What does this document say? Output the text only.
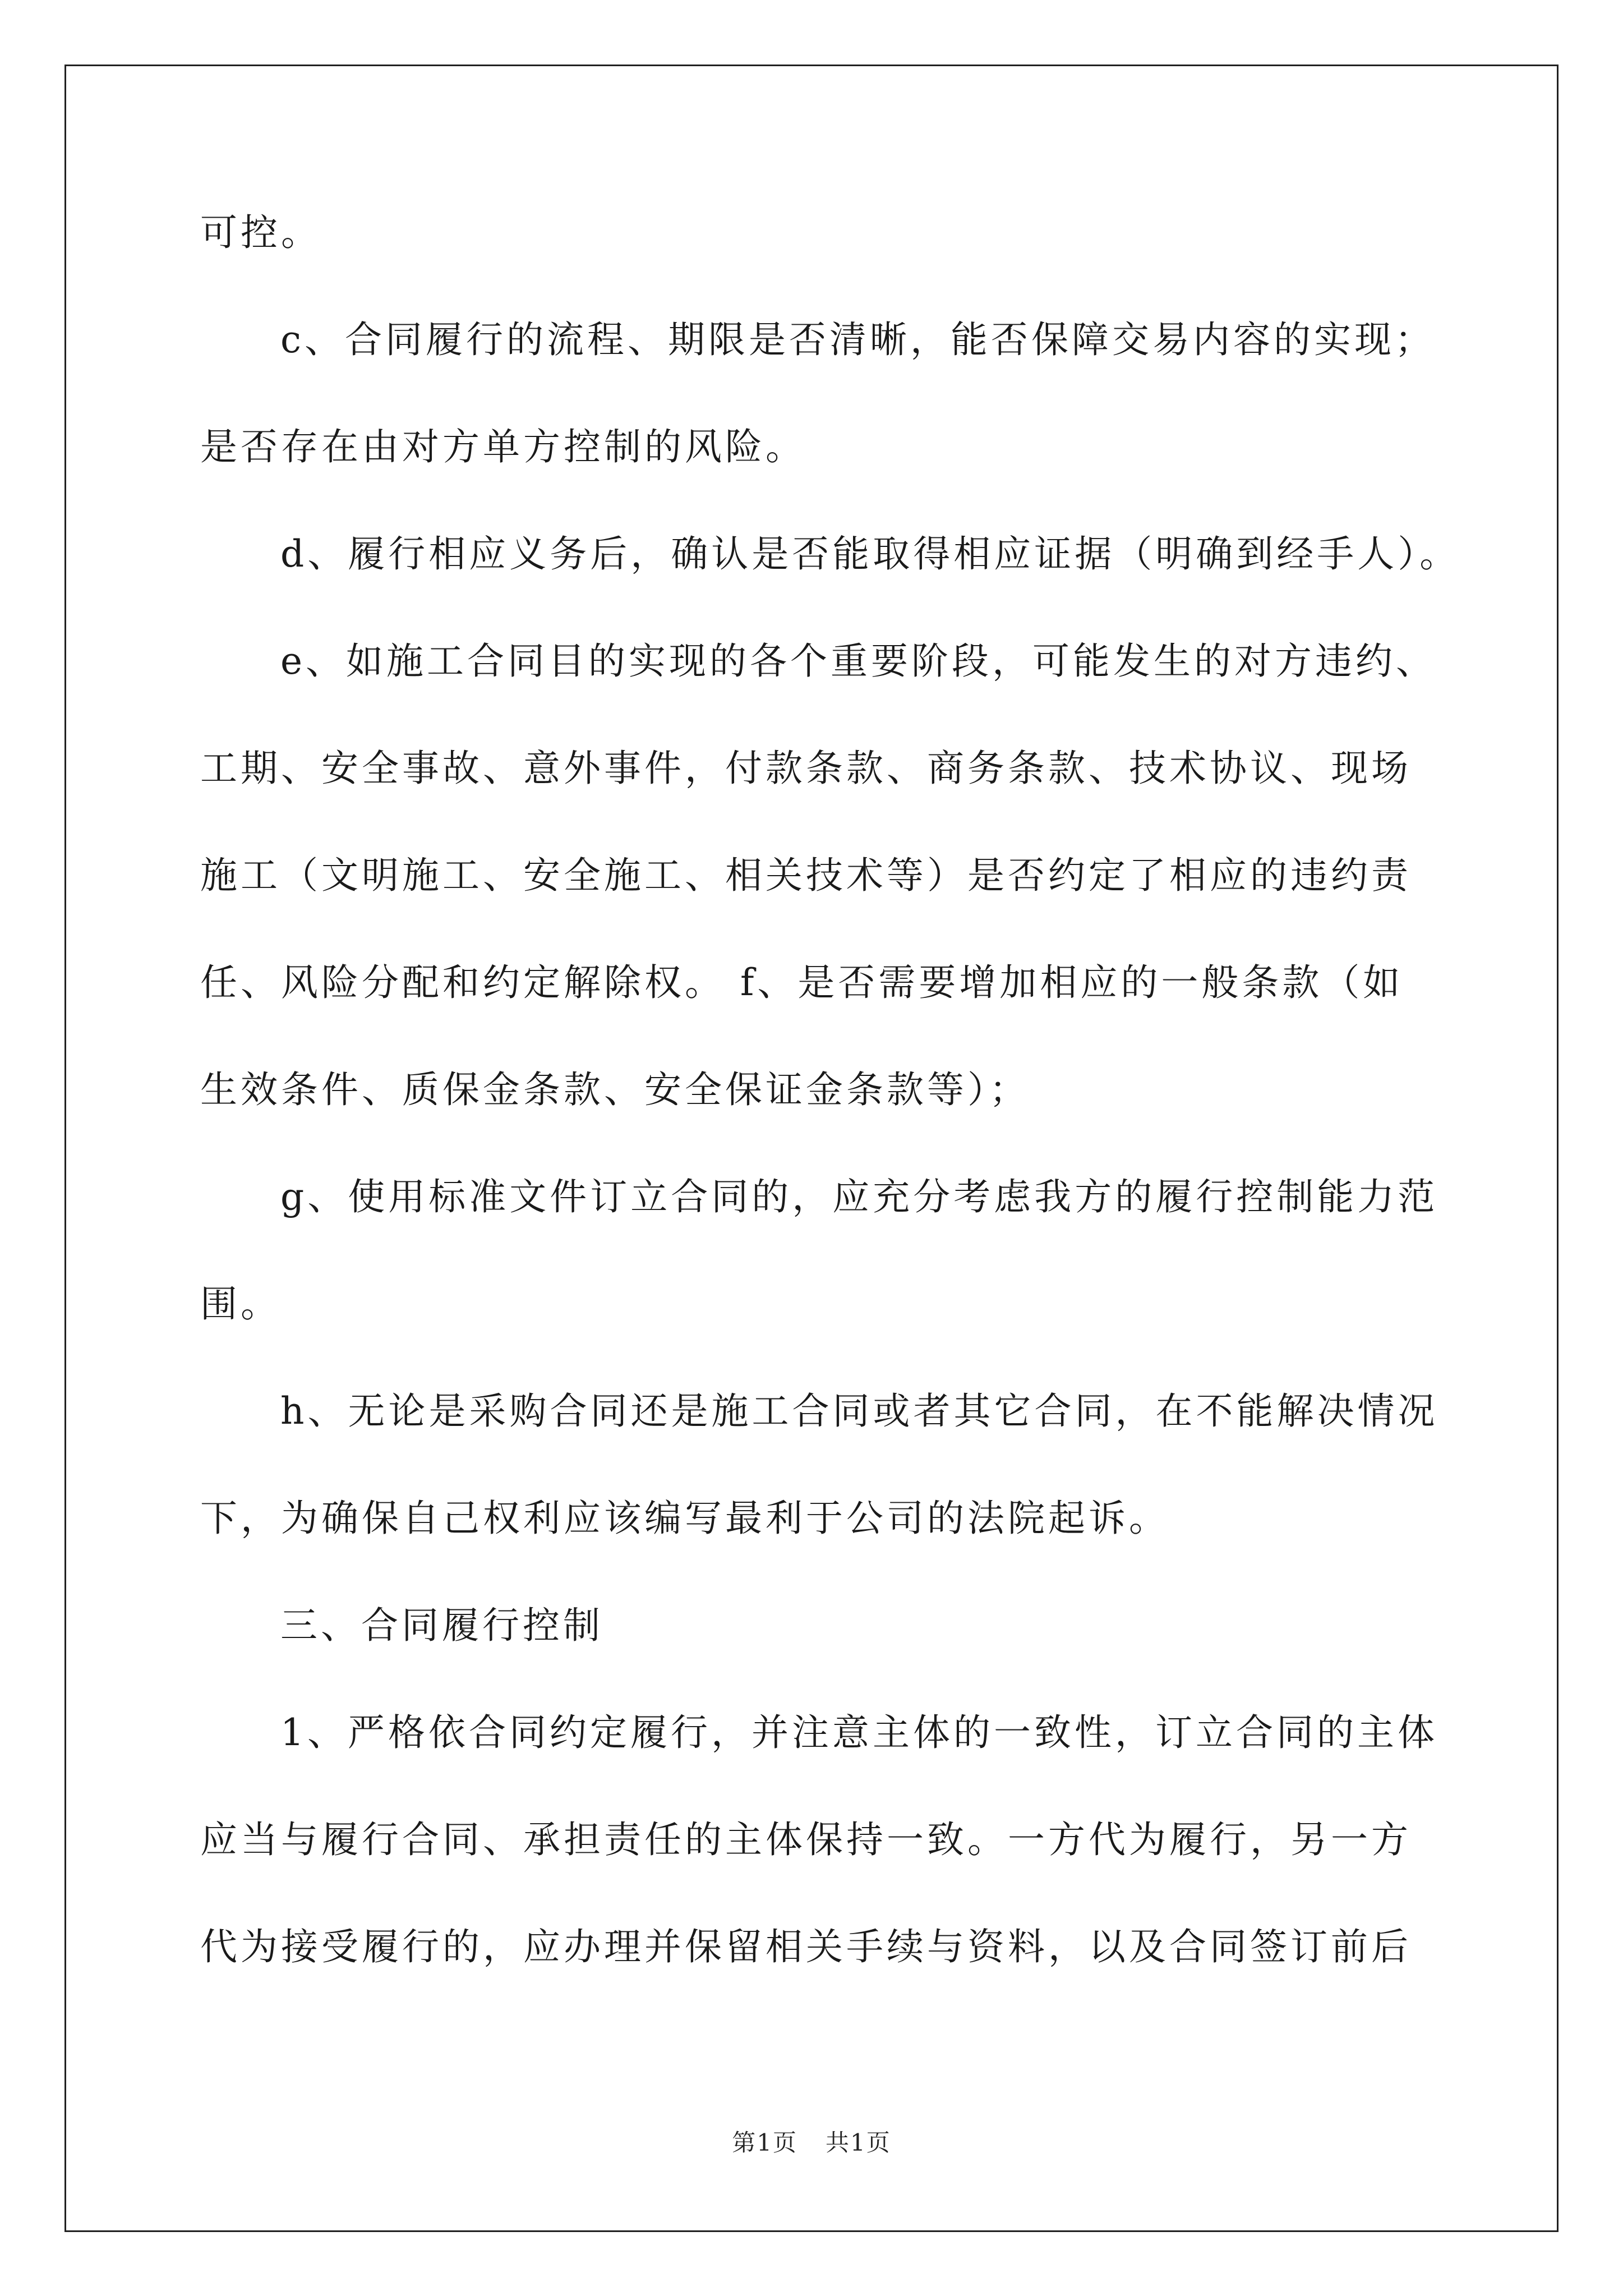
可控。
c、合同履行的流程、期限是否清晰，能否保障交易内容的实现；
是否存在由对方单方控制的风险。
d、履行相应义务后，确认是否能取得相应证据（明确到经手人）。
e、如施工合同目的实现的各个重要阶段，可能发生的对方违约、
工期、安全事故、意外事件，付款条款、商务条款、技术协议、现场
施工（文明施工、安全施工、相关技术等）是否约定了相应的违约责
任、风险分配和约定解除权。 f、是否需要增加相应的一般条款（如
生效条件、质保金条款、安全保证金条款等）；
g、使用标准文件订立合同的，应充分考虑我方的履行控制能力范
围。
h、无论是采购合同还是施工合同或者其它合同，在不能解决情况
下，为确保自己权利应该编写最利于公司的法院起诉。
三、合同履行控制
1、严格依合同约定履行，并注意主体的一致性，订立合同的主体
应当与履行合同、承担责任的主体保持一致。一方代为履行，另一方
代为接受履行的，应办理并保留相关手续与资料，以及合同签订前后
第1页 共1页
